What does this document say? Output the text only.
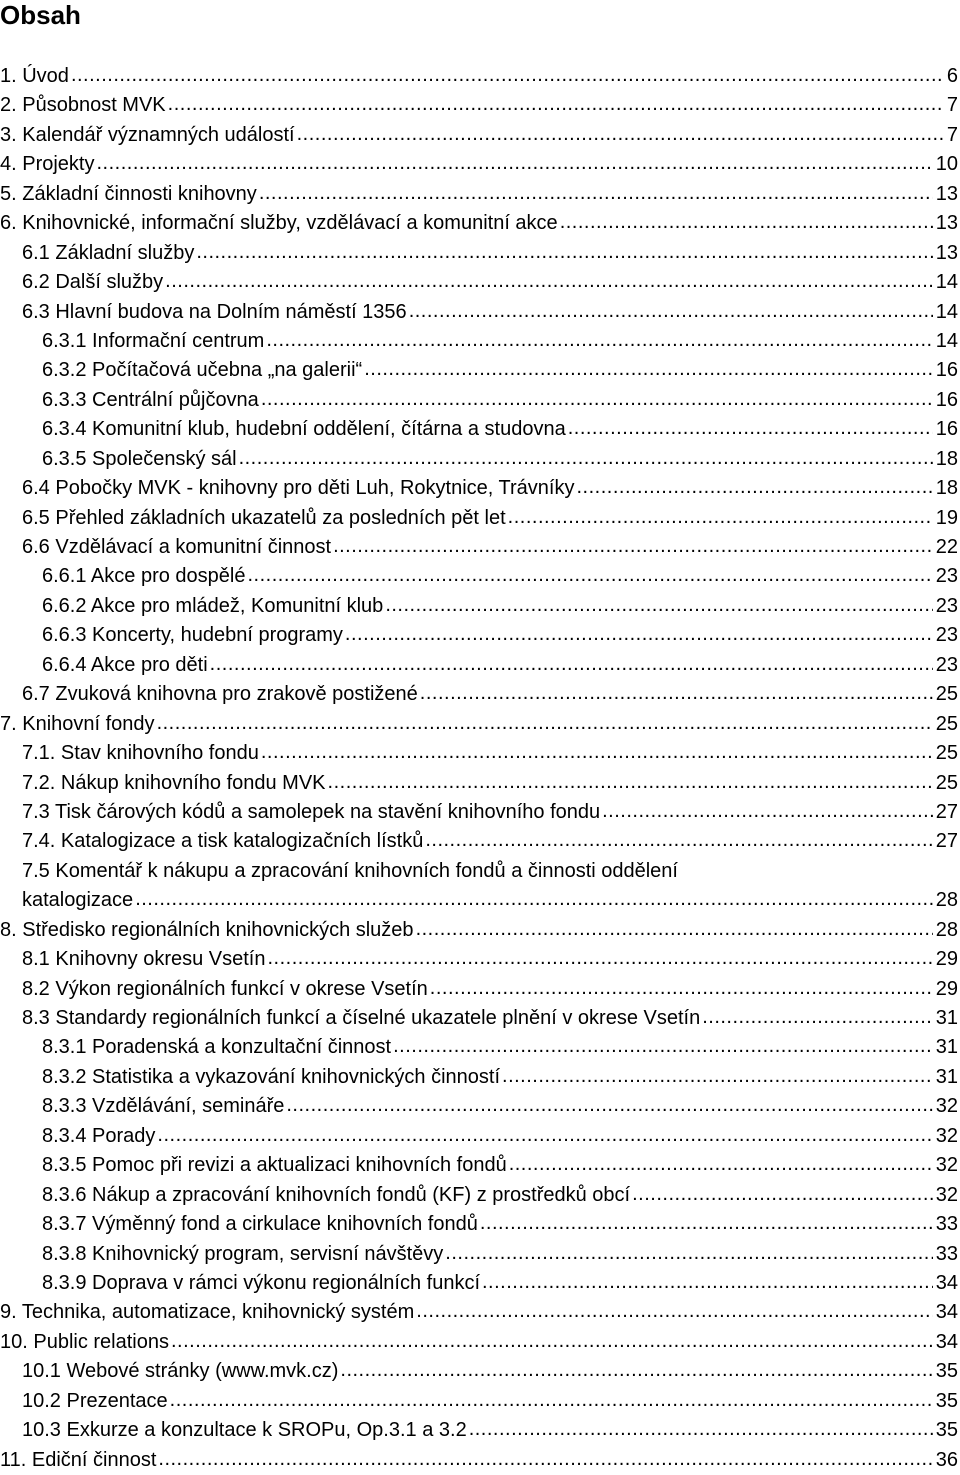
Obsah
1. Úvod .....	6
2. Působnost MVK .....	7
3. Kalendář významných událostí .....	7
4. Projekty .....	10
5. Základní činnosti knihovny .....	13
6. Knihovnické, informační služby, vzdělávací a komunitní akce .....	13
6.1 Základní služby .....	13
6.2 Další služby .....	14
6.3 Hlavní budova na Dolním náměstí 1356 .....	14
6.3.1 Informační centrum .....	14
6.3.2 Počítačová učebna „na galerii“ .....	16
6.3.3 Centrální půjčovna .....	16
6.3.4 Komunitní klub, hudební oddělení, čítárna a studovna .....	16
6.3.5 Společenský sál .....	18
6.4 Pobočky MVK - knihovny pro děti Luh, Rokytnice, Trávníky .....	18
6.5 Přehled základních ukazatelů za posledních pět let .....	19
6.6 Vzdělávací a komunitní činnost .....	22
6.6.1 Akce pro dospělé .....	23
6.6.2 Akce pro mládež, Komunitní klub .....	23
6.6.3 Koncerty, hudební programy .....	23
6.6.4 Akce pro děti .....	23
6.7 Zvuková knihovna pro zrakově postižené .....	25
7. Knihovní fondy .....	25
7.1. Stav knihovního fondu .....	25
7.2. Nákup knihovního fondu MVK .....	25
7.3 Tisk čárových kódů a samolepek na stavění knihovního fondu .....	27
7.4. Katalogizace a tisk katalogizačních lístků .....	27
7.5 Komentář k nákupu a zpracování knihovních fondů a činnosti oddělení
katalogizace .....	28
8. Středisko regionálních knihovnických služeb .....	28
8.1 Knihovny okresu Vsetín .....	29
8.2 Výkon regionálních funkcí v okrese Vsetín .....	29
8.3 Standardy regionálních funkcí a číselné ukazatele plnění v okrese Vsetín .....	31
8.3.1 Poradenská a konzultační činnost .....	31
8.3.2 Statistika a vykazování knihovnických činností .....	31
8.3.3 Vzdělávání, semináře .....	32
8.3.4 Porady .....	32
8.3.5 Pomoc při revizi a aktualizaci knihovních fondů .....	32
8.3.6 Nákup a zpracování knihovních fondů (KF) z prostředků obcí .....	32
8.3.7 Výměnný fond a cirkulace knihovních fondů .....	33
8.3.8 Knihovnický program, servisní návštěvy .....	33
8.3.9 Doprava v rámci výkonu regionálních funkcí .....	34
9. Technika, automatizace, knihovnický systém .....	34
10. Public relations .....	34
10.1 Webové stránky (www.mvk.cz) .....	35
10.2 Prezentace .....	35
10.3 Exkurze a konzultace k SROPu, Op.3.1 a 3.2 .....	35
11. Ediční činnost .....	36
